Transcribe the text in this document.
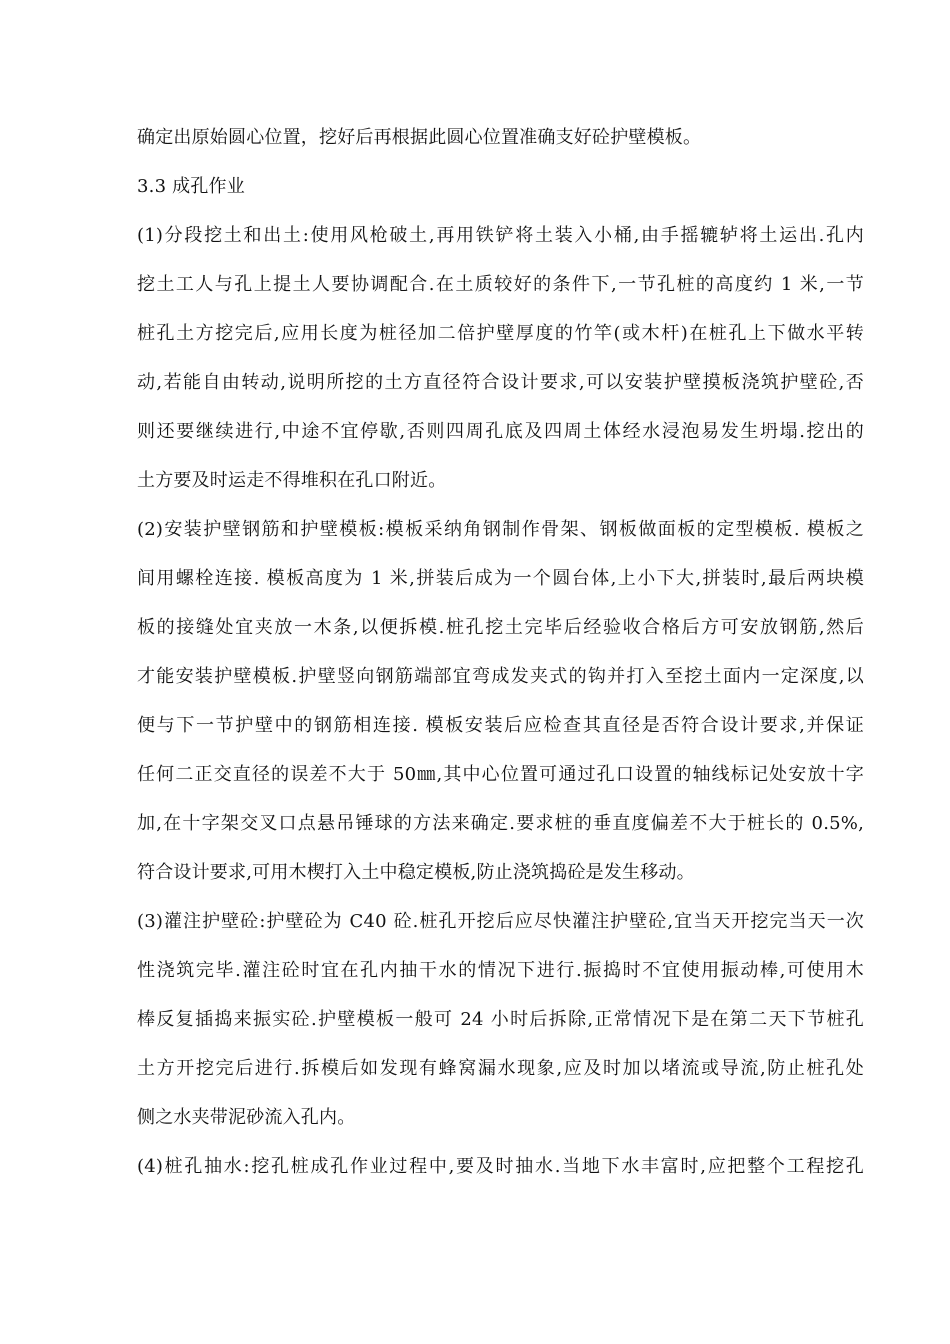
确定出原始圆心位置，挖好后再根据此圆心位置准确支好砼护壁模板。
3.3 成孔作业
(1)分段挖土和出土:使用风枪破土,再用铁铲将土装入小桶,由手摇辘轳将土运出.孔内
挖土工人与孔上提土人要协调配合.在土质较好的条件下,一节孔桩的高度约 1 米,一节
桩孔土方挖完后,应用长度为桩径加二倍护壁厚度的竹竿(或木杆)在桩孔上下做水平转
动,若能自由转动,说明所挖的土方直径符合设计要求,可以安装护壁摸板浇筑护壁砼,否
则还要继续进行,中途不宜停歇,否则四周孔底及四周土体经水浸泡易发生坍塌.挖出的
土方要及时运走不得堆积在孔口附近。
(2)安装护壁钢筋和护壁模板:模板采纳角钢制作骨架、钢板做面板的定型模板. 模板之
间用螺栓连接. 模板高度为 1 米,拼装后成为一个圆台体,上小下大,拼装时,最后两块模
板的接缝处宜夹放一木条,以便拆模.桩孔挖土完毕后经验收合格后方可安放钢筋,然后
才能安装护壁模板.护壁竖向钢筋端部宜弯成发夹式的钩并打入至挖土面内一定深度,以
便与下一节护壁中的钢筋相连接. 模板安装后应检查其直径是否符合设计要求,并保证
任何二正交直径的误差不大于 50㎜,其中心位置可通过孔口设置的轴线标记处安放十字
加,在十字架交叉口点悬吊锤球的方法来确定.要求桩的垂直度偏差不大于桩长的 0.5%,
符合设计要求,可用木楔打入土中稳定模板,防止浇筑捣砼是发生移动。
(3)灌注护壁砼:护壁砼为 C40 砼.桩孔开挖后应尽快灌注护壁砼,宜当天开挖完当天一次
性浇筑完毕.灌注砼时宜在孔内抽干水的情况下进行.振捣时不宜使用振动棒,可使用木
棒反复插捣来振实砼.护壁模板一般可 24 小时后拆除,正常情况下是在第二天下节桩孔
土方开挖完后进行.拆模后如发现有蜂窝漏水现象,应及时加以堵流或导流,防止桩孔处
侧之水夹带泥砂流入孔内。
(4)桩孔抽水:挖孔桩成孔作业过程中,要及时抽水.当地下水丰富时,应把整个工程挖孔
